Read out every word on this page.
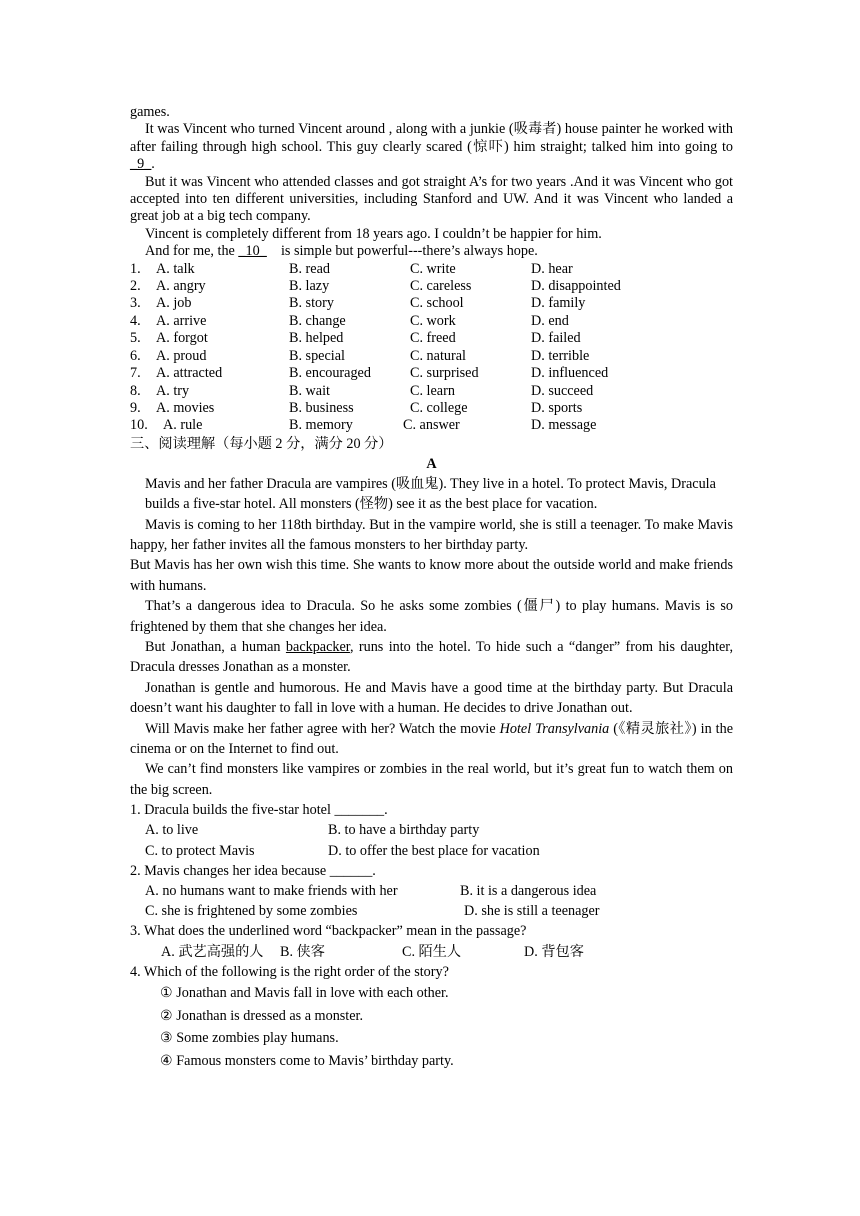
games.

It was Vincent who turned Vincent around , along with a junkie (吸毒者) house painter he worked with after failing through high school. This guy clearly scared (惊吓) him straight; talked him into going to _9_.

But it was Vincent who attended classes and got straight A’s for two years .And it was Vincent who got accepted into ten different universities, including Stanford and UW. And it was Vincent who landed a great job at a big tech company.

Vincent is completely different from 18 years ago. I couldn’t be happier for him.

And for me, the _10_    is simple but powerful---there’s always hope.

1.	A. talk	B. read	C. write	D. hear
2.	A. angry	B. lazy	C. careless	D. disappointed
3.	A. job	B. story	C. school	D. family
4.	A. arrive	B. change	C. work	D. end
5.	A. forgot	B. helped	C. freed	D. failed
6.	A. proud	B. special	C. natural	D. terrible
7.	A. attracted	B. encouraged	C. surprised	D. influenced
8.	A. try	B. wait	C. learn	D. succeed
9.	A. movies	B. business	C. college	D. sports
10.	A. rule	B. memory	C. answer	D. message

三、阅读理解（每小题 2 分，满分 20 分）

A

Mavis and her father Dracula are vampires (吸血鬼). They live in a hotel. To protect Mavis, Dracula

builds a five-star hotel. All monsters (怪物) see it as the best place for vacation.

Mavis is coming to her 118th birthday. But in the vampire world, she is still a teenager. To make Mavis happy, her father invites all the famous monsters to her birthday party.

But Mavis has her own wish this time. She wants to know more about the outside world and make friends with humans.

That’s a dangerous idea to Dracula. So he asks some zombies (僵尸) to play humans. Mavis is so frightened by them that she changes her idea.

But Jonathan, a human backpacker, runs into the hotel. To hide such a “danger” from his daughter, Dracula dresses Jonathan as a monster.

Jonathan is gentle and humorous. He and Mavis have a good time at the birthday party. But Dracula doesn’t want his daughter to fall in love with a human. He decides to drive Jonathan out.

Will Mavis make her father agree with her? Watch the movie Hotel Transylvania (《精灵旅社》) in the cinema or on the Internet to find out.

We can’t find monsters like vampires or zombies in the real world, but it’s great fun to watch them on the big screen.

1. Dracula builds the five-star hotel _______.

A. to live	B. to have a birthday party
C. to protect Mavis	D. to offer the best place for vacation

2. Mavis changes her idea because ______.

A. no humans want to make friends with her	B. it is a dangerous idea
C. she is frightened by some zombies	D. she is still a teenager

3. What does the underlined word “backpacker” mean in the passage?

A. 武艺高强的人	B. 侠客	C. 陌生人	D. 背包客

4. Which of the following is the right order of the story?

① Jonathan and Mavis fall in love with each other.

② Jonathan is dressed as a monster.

③ Some zombies play humans.

④ Famous monsters come to Mavis’ birthday party.
